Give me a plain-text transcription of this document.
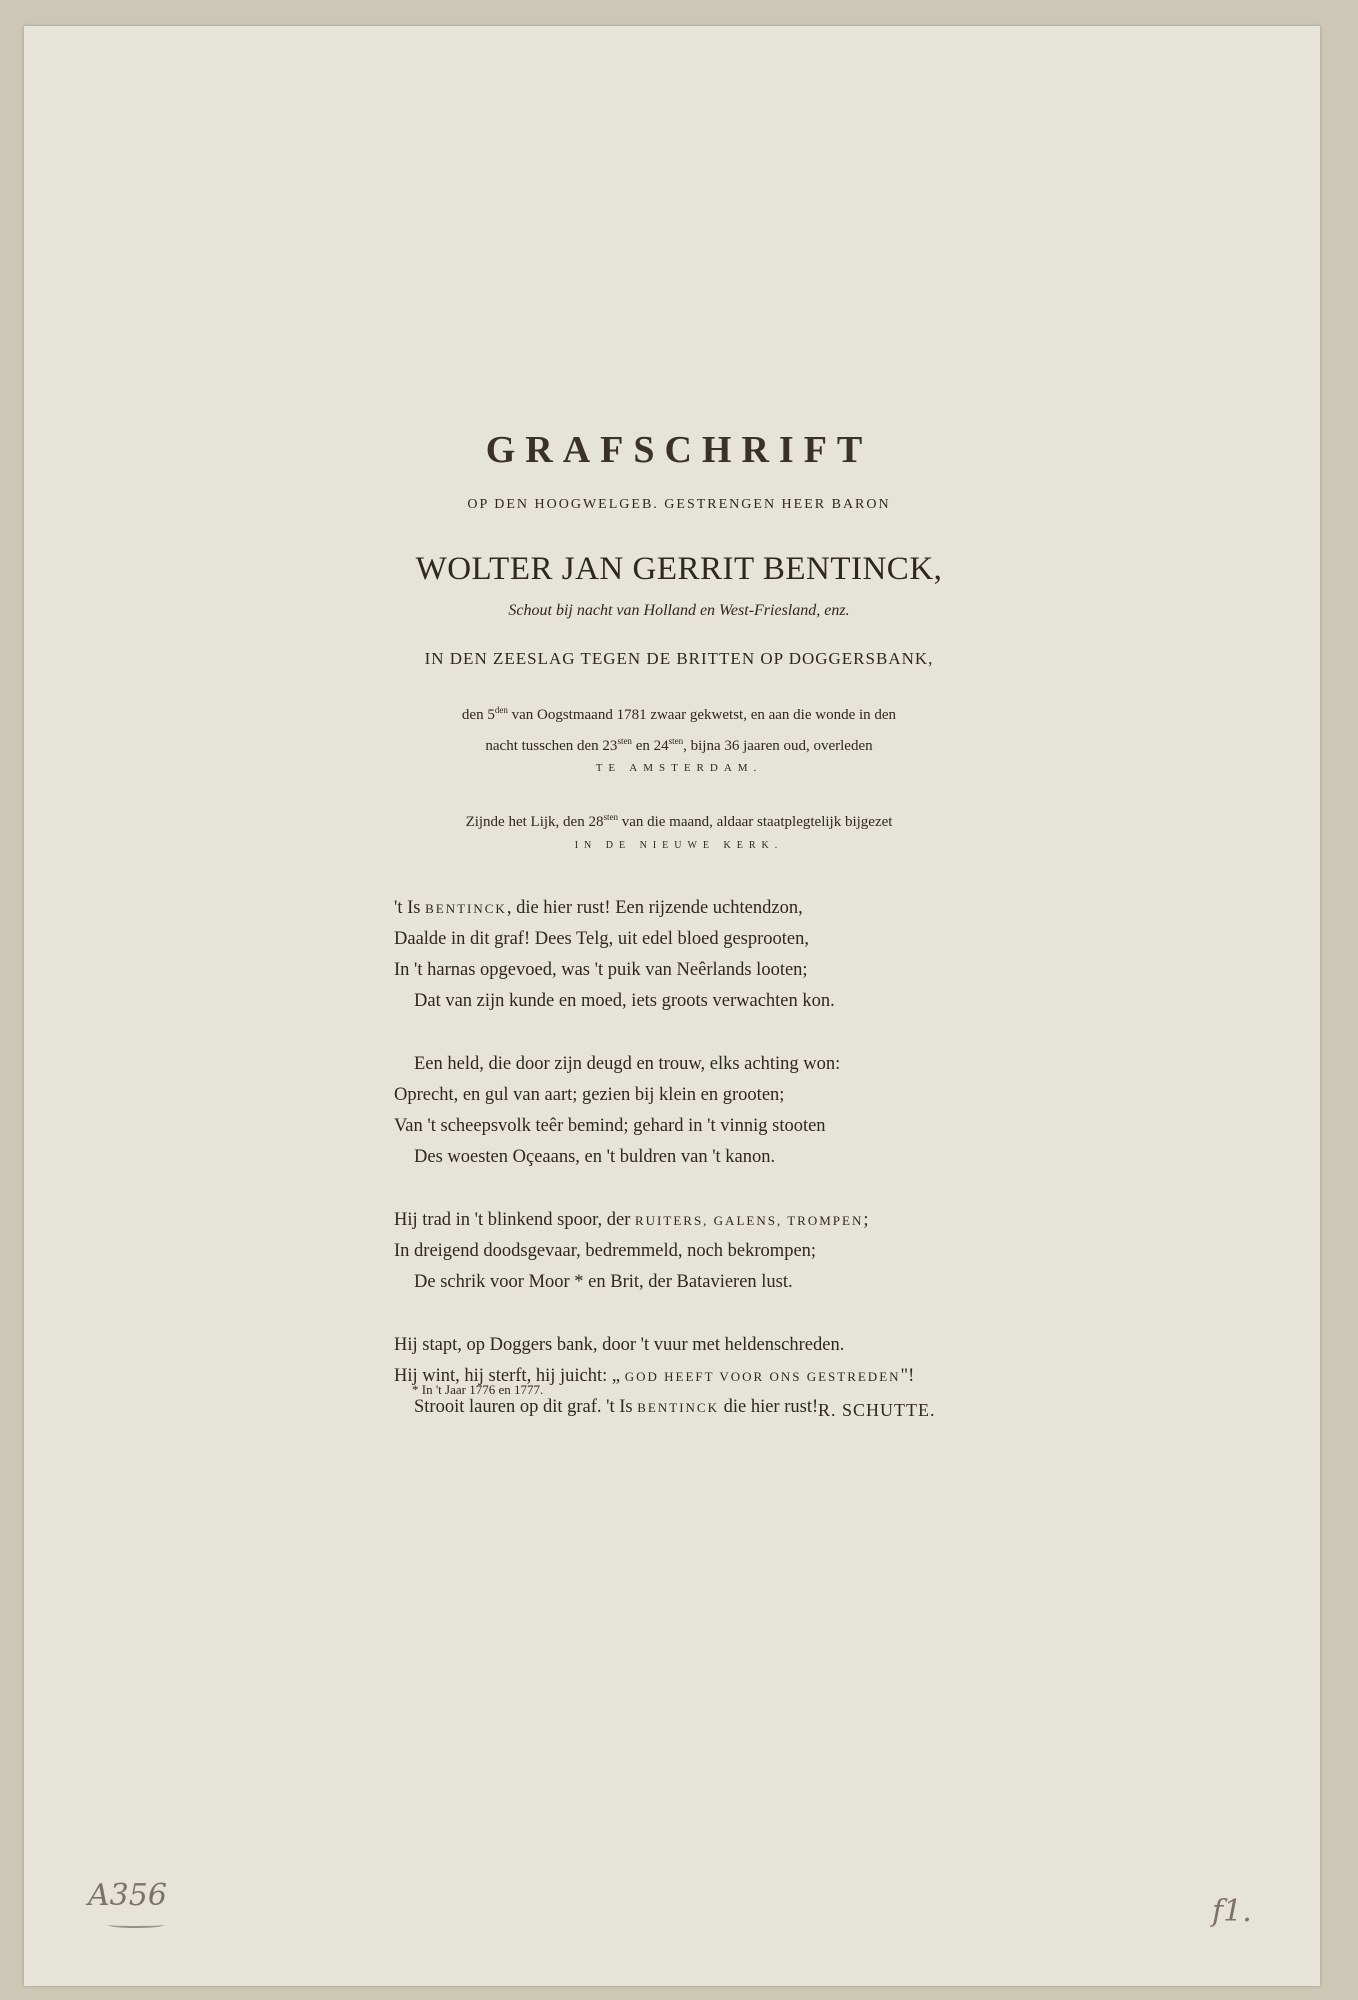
GRAFSCHRIFT
OP DEN HOOGWELGEB. GESTRENGEN HEER BARON
WOLTER JAN GERRIT BENTINCK,
Schout bij nacht van Holland en West-Friesland, enz.
IN DEN ZEESLAG TEGEN DE BRITTEN OP DOGGERSBANK,
den $5^{den}$ van Oogstmaand 1781 zwaar gekwetst, en aan die wonde in den
nacht tusschen den $23^{sten}$ en $24^{sten}$, bijna 36 jaaren oud, overleden
TE AMSTERDAM.
Zijnde het Lijk, den $28^{sten}$ van die maand, aldaar staatplegtelijk bijgezet
IN DE NIEUWE KERK.
't Is BENTINCK, die hier rust! Een rijzende uchtendzon,
Daalde in dit graf! Dees Telg, uit edel bloed gesprooten,
In 't harnas opgevoed, was 't puik van Neêrlands looten;
Dat van zijn kunde en moed, iets groots verwachten kon.
Een held, die door zijn deugd en trouw, elks achting won:
Oprecht, en gul van aart; gezien bij klein en grooten;
Van 't scheepsvolk teêr bemind; gehard in 't vinnig stooten
Des woesten Oçeaans, en 't buldren van 't kanon.
Hij trad in 't blinkend spoor, der RUITERS, GALENS, TROMPEN;
In dreigend doodsgevaar, bedremmeld, noch bekrompen;
De schrik voor Moor * en Brit, der Batavieren lust.
Hij stapt, op Doggers bank, door 't vuur met heldenschreden.
Hij wint, hij sterft, hij juicht: „ GOD HEEFT VOOR ONS GESTREDEN"!
Strooit lauren op dit graf. 't Is BENTINCK die hier rust!
* In 't Jaar 1776 en 1777.
R. SCHUTTE.
A356	f1.
